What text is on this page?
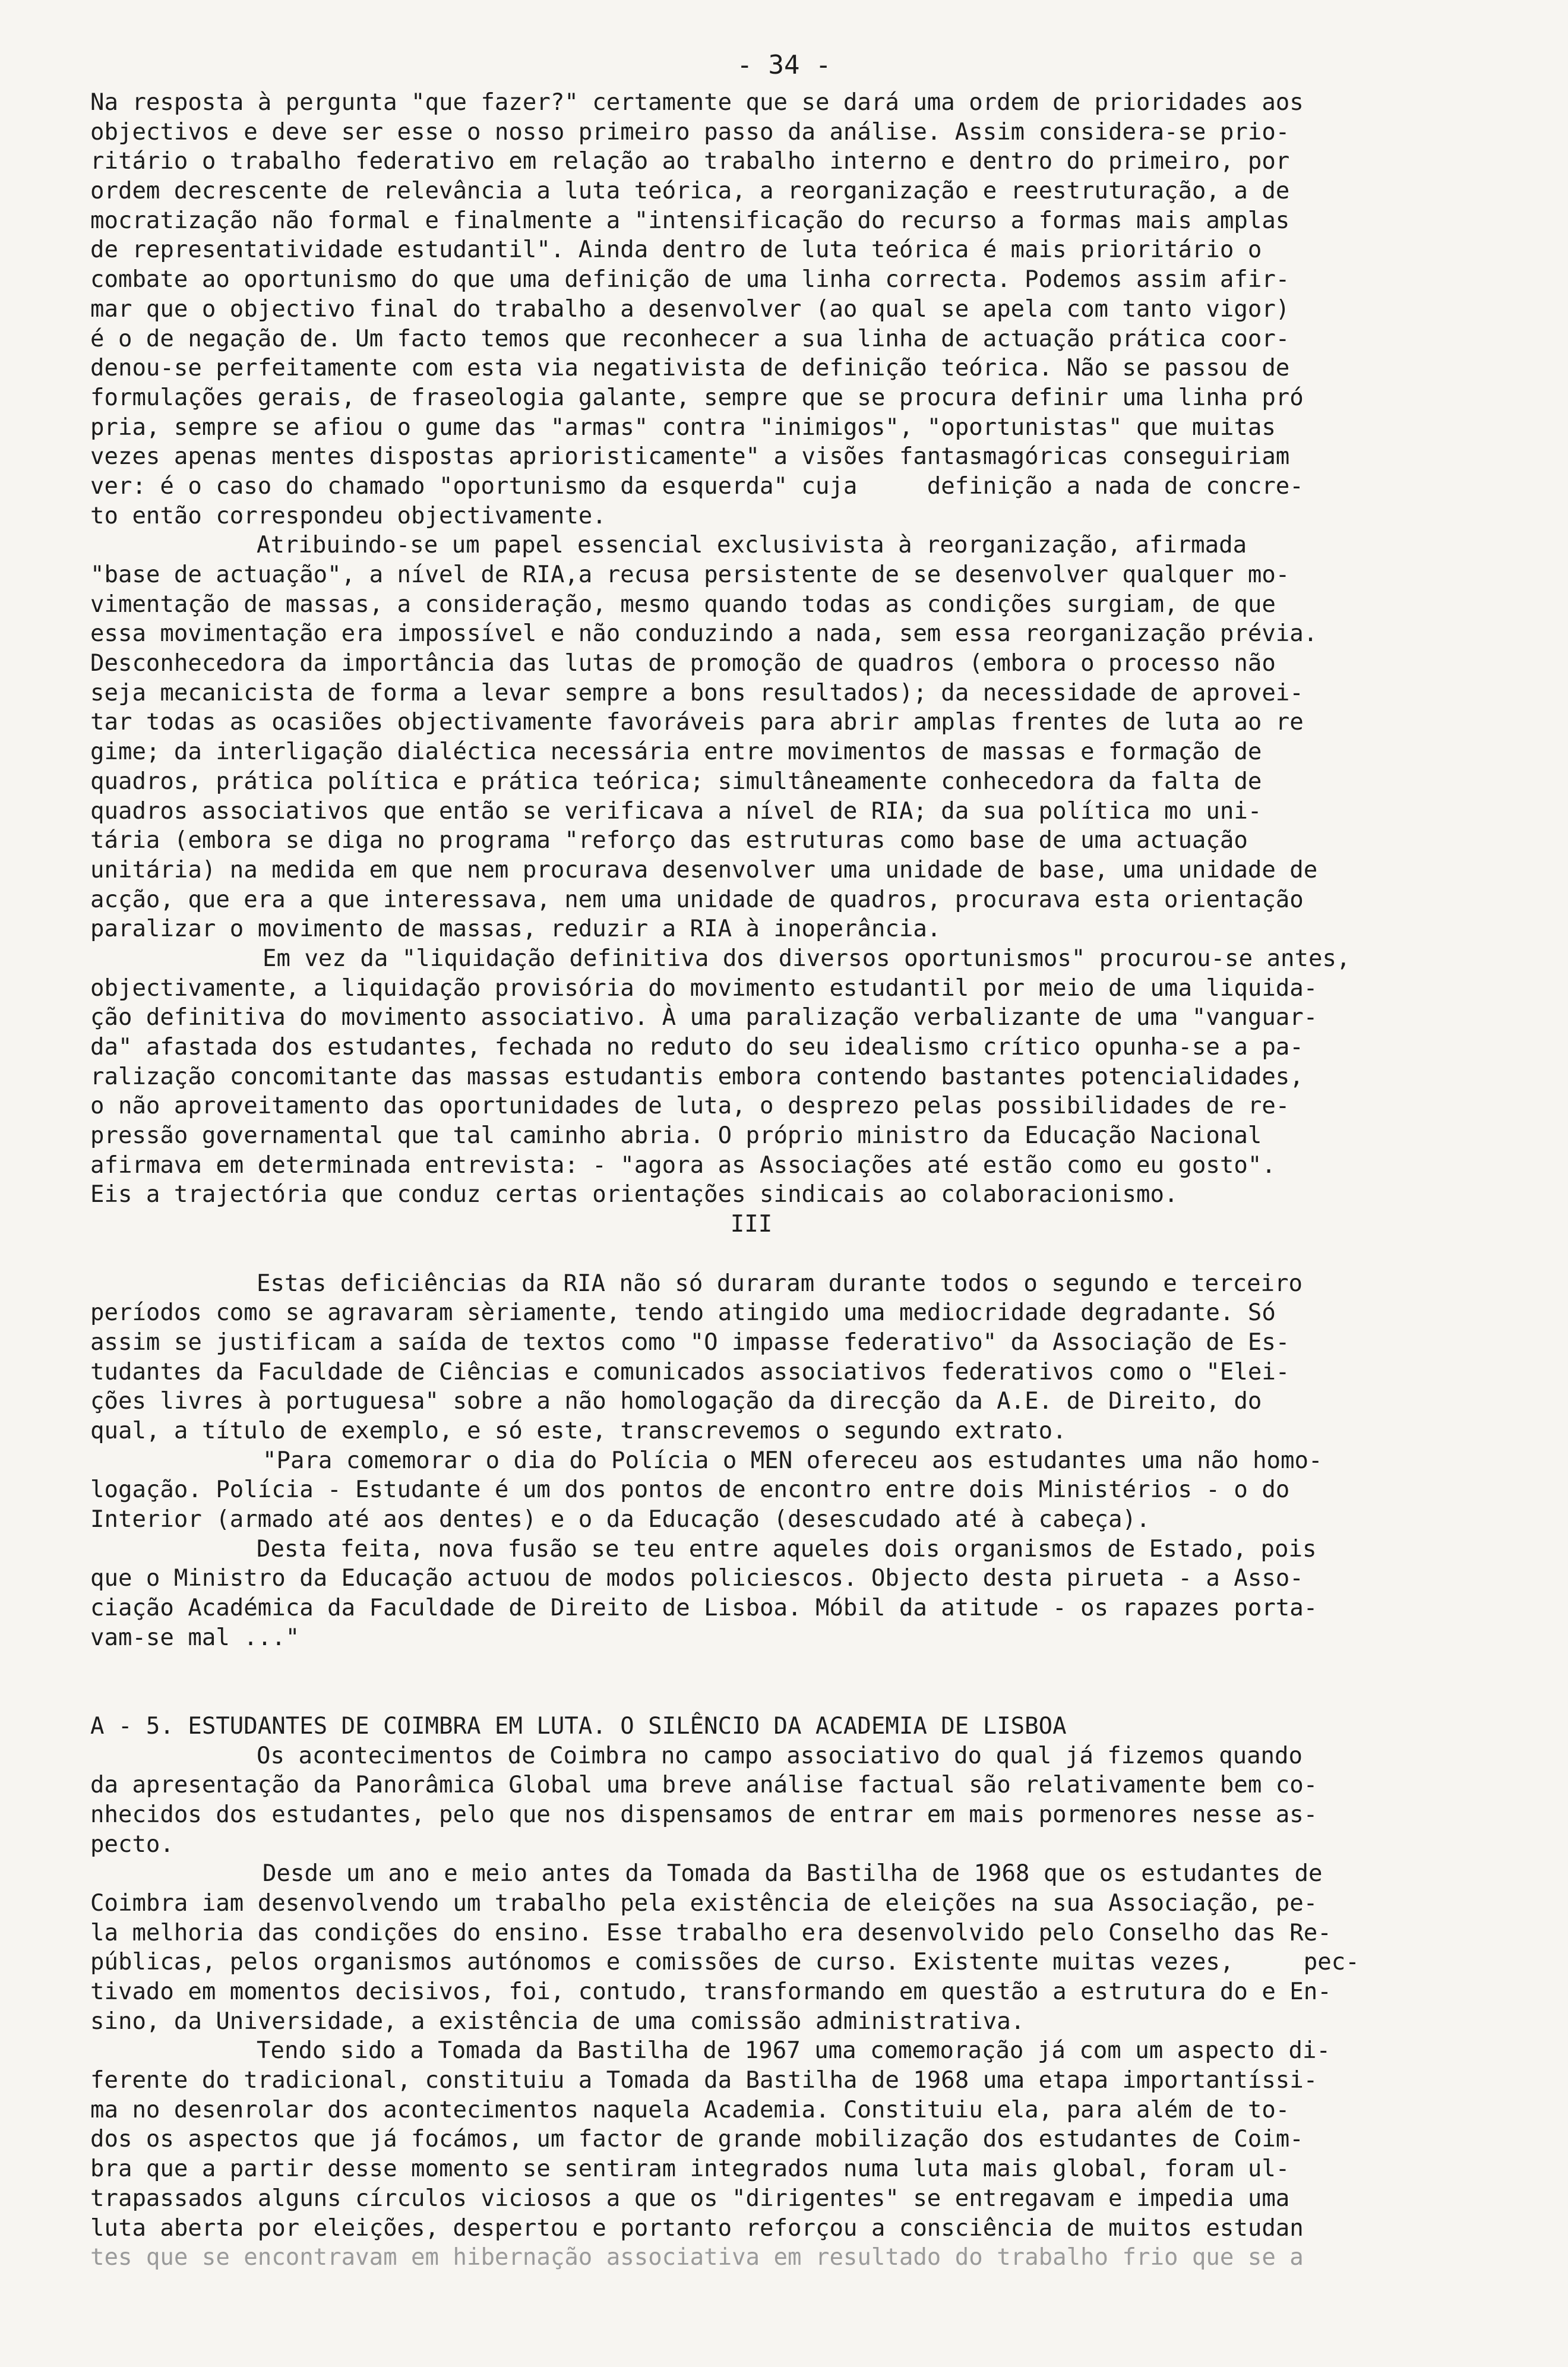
- 34 -
Na resposta à pergunta "que fazer?" certamente que se dará uma ordem de prioridades aos
objectivos e deve ser esse o nosso primeiro passo da análise. Assim considera-se prio-
ritário o trabalho federativo em relação ao trabalho interno e dentro do primeiro, por
ordem decrescente de relevância a luta teórica, a reorganização e reestruturação, a de
mocratização não formal e finalmente a "intensificação do recurso a formas mais amplas
de representatividade estudantil". Ainda dentro de luta teórica é mais prioritário o
combate ao oportunismo do que uma definição de uma linha correcta. Podemos assim afir-
mar que o objectivo final do trabalho a desenvolver (ao qual se apela com tanto vigor)
é o de negação de. Um facto temos que reconhecer a sua linha de actuação prática coor-
denou-se perfeitamente com esta via negativista de definição teórica. Não se passou de
formulações gerais, de fraseologia galante, sempre que se procura definir uma linha pró
pria, sempre se afiou o gume das "armas" contra "inimigos", "oportunistas" que muitas
vezes apenas mentes dispostas aprioristicamente" a visões fantasmagóricas conseguiriam
ver: é o caso do chamado "oportunismo da esquerda" cuja     definição a nada de concre-
to então correspondeu objectivamente.
Atribuindo-se um papel essencial exclusivista à reorganização, afirmada
"base de actuação", a nível de RIA,a recusa persistente de se desenvolver qualquer mo-
vimentação de massas, a consideração, mesmo quando todas as condições surgiam, de que
essa movimentação era impossível e não conduzindo a nada, sem essa reorganização prévia.
Desconhecedora da importância das lutas de promoção de quadros (embora o processo não
seja mecanicista de forma a levar sempre a bons resultados); da necessidade de aprovei-
tar todas as ocasiões objectivamente favoráveis para abrir amplas frentes de luta ao re
gime; da interligação dialéctica necessária entre movimentos de massas e formação de
quadros, prática política e prática teórica; simultâneamente conhecedora da falta de
quadros associativos que então se verificava a nível de RIA; da sua política mo uni-
tária (embora se diga no programa "reforço das estruturas como base de uma actuação
unitária) na medida em que nem procurava desenvolver uma unidade de base, uma unidade de
acção, que era a que interessava, nem uma unidade de quadros, procurava esta orientação
paralizar o movimento de massas, reduzir a RIA à inoperância.
Em vez da "liquidação definitiva dos diversos oportunismos" procurou-se antes,
objectivamente, a liquidação provisória do movimento estudantil por meio de uma liquida-
ção definitiva do movimento associativo. À uma paralização verbalizante de uma "vanguar-
da" afastada dos estudantes, fechada no reduto do seu idealismo crítico opunha-se a pa-
ralização concomitante das massas estudantis embora contendo bastantes potencialidades,
o não aproveitamento das oportunidades de luta, o desprezo pelas possibilidades de re-
pressão governamental que tal caminho abria. O próprio ministro da Educação Nacional
afirmava em determinada entrevista: - "agora as Associações até estão como eu gosto".
Eis a trajectória que conduz certas orientações sindicais ao colaboracionismo.
III
Estas deficiências da RIA não só duraram durante todos o segundo e terceiro
períodos como se agravaram sèriamente, tendo atingido uma mediocridade degradante. Só
assim se justificam a saída de textos como "O impasse federativo" da Associação de Es-
tudantes da Faculdade de Ciências e comunicados associativos federativos como o "Elei-
ções livres à portuguesa" sobre a não homologação da direcção da A.E. de Direito, do
qual, a título de exemplo, e só este, transcrevemos o segundo extrato.
"Para comemorar o dia do Polícia o MEN ofereceu aos estudantes uma não homo-
logação. Polícia - Estudante é um dos pontos de encontro entre dois Ministérios - o do
Interior (armado até aos dentes) e o da Educação (desescudado até à cabeça).
Desta feita, nova fusão se teu entre aqueles dois organismos de Estado, pois
que o Ministro da Educação actuou de modos policiescos. Objecto desta pirueta - a Asso-
ciação Académica da Faculdade de Direito de Lisboa. Móbil da atitude - os rapazes porta-
vam-se mal ..."
A - 5. ESTUDANTES DE COIMBRA EM LUTA. O SILÊNCIO DA ACADEMIA DE LISBOA
Os acontecimentos de Coimbra no campo associativo do qual já fizemos quando
da apresentação da Panorâmica Global uma breve análise factual são relativamente bem co-
nhecidos dos estudantes, pelo que nos dispensamos de entrar em mais pormenores nesse as-
pecto.
Desde um ano e meio antes da Tomada da Bastilha de 1968 que os estudantes de
Coimbra iam desenvolvendo um trabalho pela existência de eleições na sua Associação, pe-
la melhoria das condições do ensino. Esse trabalho era desenvolvido pelo Conselho das Re-
públicas, pelos organismos autónomos e comissões de curso. Existente muitas vezes,     pec-
tivado em momentos decisivos, foi, contudo, transformando em questão a estrutura do e En-
sino, da Universidade, a existência de uma comissão administrativa.
Tendo sido a Tomada da Bastilha de 1967 uma comemoração já com um aspecto di-
ferente do tradicional, constituiu a Tomada da Bastilha de 1968 uma etapa importantíssi-
ma no desenrolar dos acontecimentos naquela Academia. Constituiu ela, para além de to-
dos os aspectos que já focámos, um factor de grande mobilização dos estudantes de Coim-
bra que a partir desse momento se sentiram integrados numa luta mais global, foram ul-
trapassados alguns círculos viciosos a que os "dirigentes" se entregavam e impedia uma
luta aberta por eleições, despertou e portanto reforçou a consciência de muitos estudan
tes que se encontravam em hibernação associativa em resultado do trabalho frio que se a
